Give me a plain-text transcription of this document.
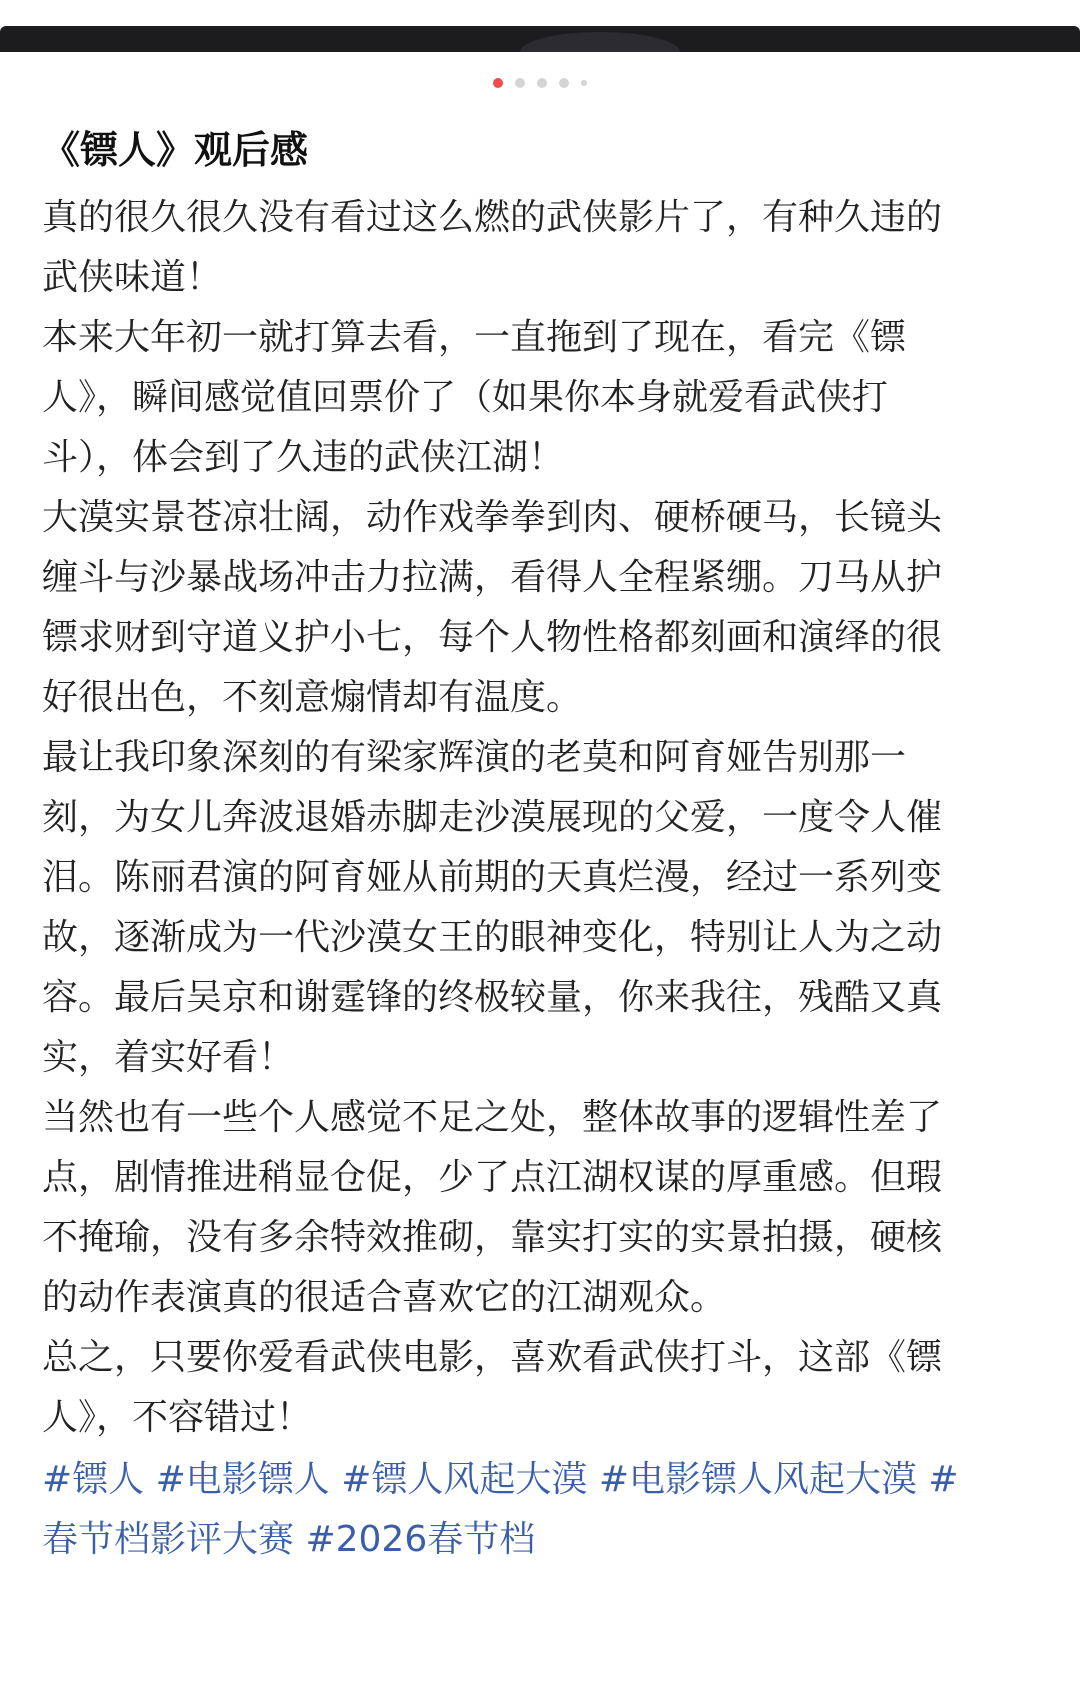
《镖人》观后感

真的很久很久没有看过这么燃的武侠影片了，有种久违的
武侠味道！

本来大年初一就打算去看，一直拖到了现在，看完《镖
人》，瞬间感觉值回票价了（如果你本身就爱看武侠打
斗），体会到了久违的武侠江湖！

大漠实景苍凉壮阔，动作戏拳拳到肉、硬桥硬马，长镜头
缠斗与沙暴战场冲击力拉满，看得人全程紧绷。刀马从护
镖求财到守道义护小七，每个人物性格都刻画和演绎的很
好很出色，不刻意煽情却有温度。

最让我印象深刻的有梁家辉演的老莫和阿育娅告别那一
刻，为女儿奔波退婚赤脚走沙漠展现的父爱，一度令人催
泪。陈丽君演的阿育娅从前期的天真烂漫，经过一系列变
故，逐渐成为一代沙漠女王的眼神变化，特别让人为之动
容。最后吴京和谢霆锋的终极较量，你来我往，残酷又真
实，着实好看！

当然也有一些个人感觉不足之处，整体故事的逻辑性差了
点，剧情推进稍显仓促，少了点江湖权谋的厚重感。但瑕
不掩瑜，没有多余特效推砌，靠实打实的实景拍摄，硬核
的动作表演真的很适合喜欢它的江湖观众。

总之，只要你爱看武侠电影，喜欢看武侠打斗，这部《镖
人》，不容错过！

#镖人 #电影镖人 #镖人风起大漠 #电影镖人风起大漠 #
春节档影评大赛 #2026春节档
